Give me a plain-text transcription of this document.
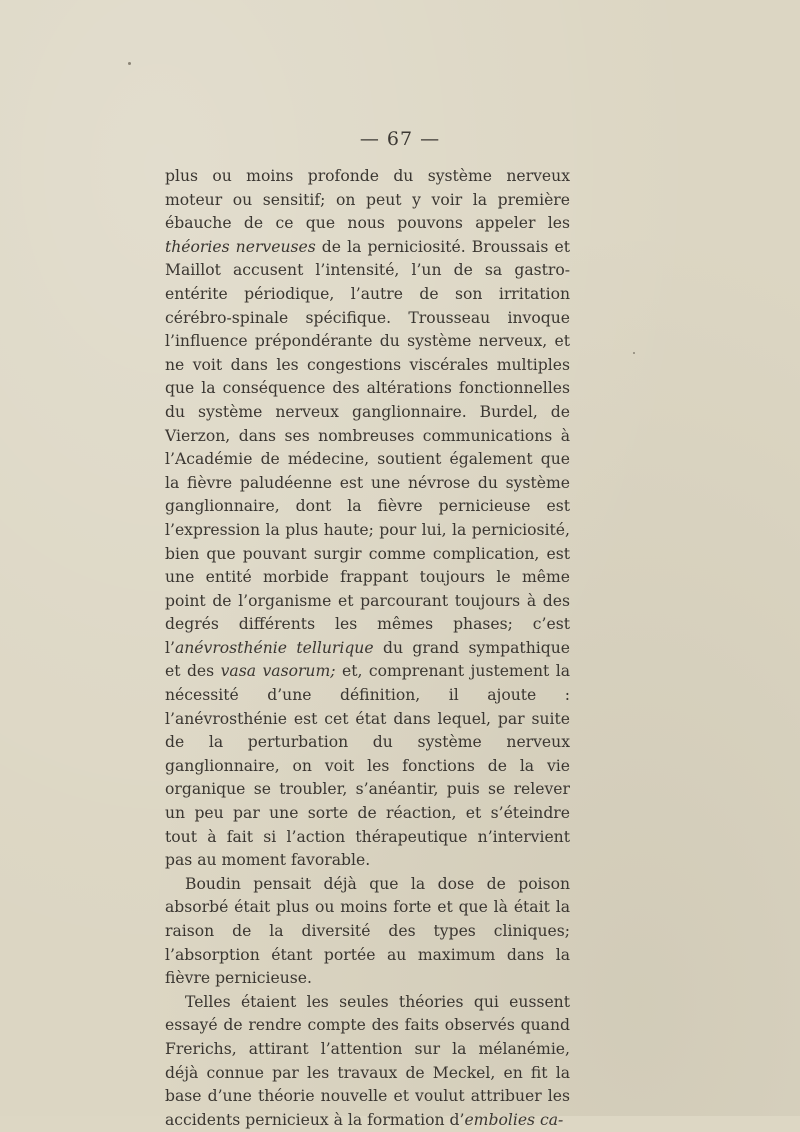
— 67 —

plus ou moins profonde du système nerveux moteur ou sensitif; on peut y voir la première ébauche de ce que nous pouvons appeler les théories nerveuses de la perniciosité. Broussais et Maillot accusent l’intensité, l’un de sa gastro-entérite périodique, l’autre de son irritation cérébro-spinale spécifique. Trousseau invoque l’influence prépondérante du système nerveux, et ne voit dans les congestions viscérales multiples que la conséquence des altérations fonctionnelles du système nerveux ganglionnaire. Burdel, de Vierzon, dans ses nombreuses communications à l’Académie de médecine, soutient également que la fièvre paludéenne est une névrose du système ganglionnaire, dont la fièvre pernicieuse est l’expression la plus haute; pour lui, la perniciosité, bien que pouvant surgir comme complication, est une entité morbide frappant toujours le même point de l’organisme et parcourant toujours à des degrés différents les mêmes phases; c’est l’anévrosthénie tellurique du grand sympathique et des vasa vasorum; et, comprenant justement la nécessité d’une définition, il ajoute : l’anévrosthénie est cet état dans lequel, par suite de la perturbation du système nerveux ganglionnaire, on voit les fonctions de la vie organique se troubler, s’anéantir, puis se relever un peu par une sorte de réaction, et s’éteindre tout à fait si l’action thérapeutique n’intervient pas au moment favorable.

Boudin pensait déjà que la dose de poison absorbé était plus ou moins forte et que là était la raison de la diversité des types cliniques; l’absorption étant portée au maximum dans la fièvre pernicieuse.

Telles étaient les seules théories qui eussent essayé de rendre compte des faits observés quand Frerichs, attirant l’attention sur la mélanémie, déjà connue par les travaux de Meckel, en fit la base d’une théorie nouvelle et voulut attribuer les accidents pernicieux à la formation d’embolies ca-
